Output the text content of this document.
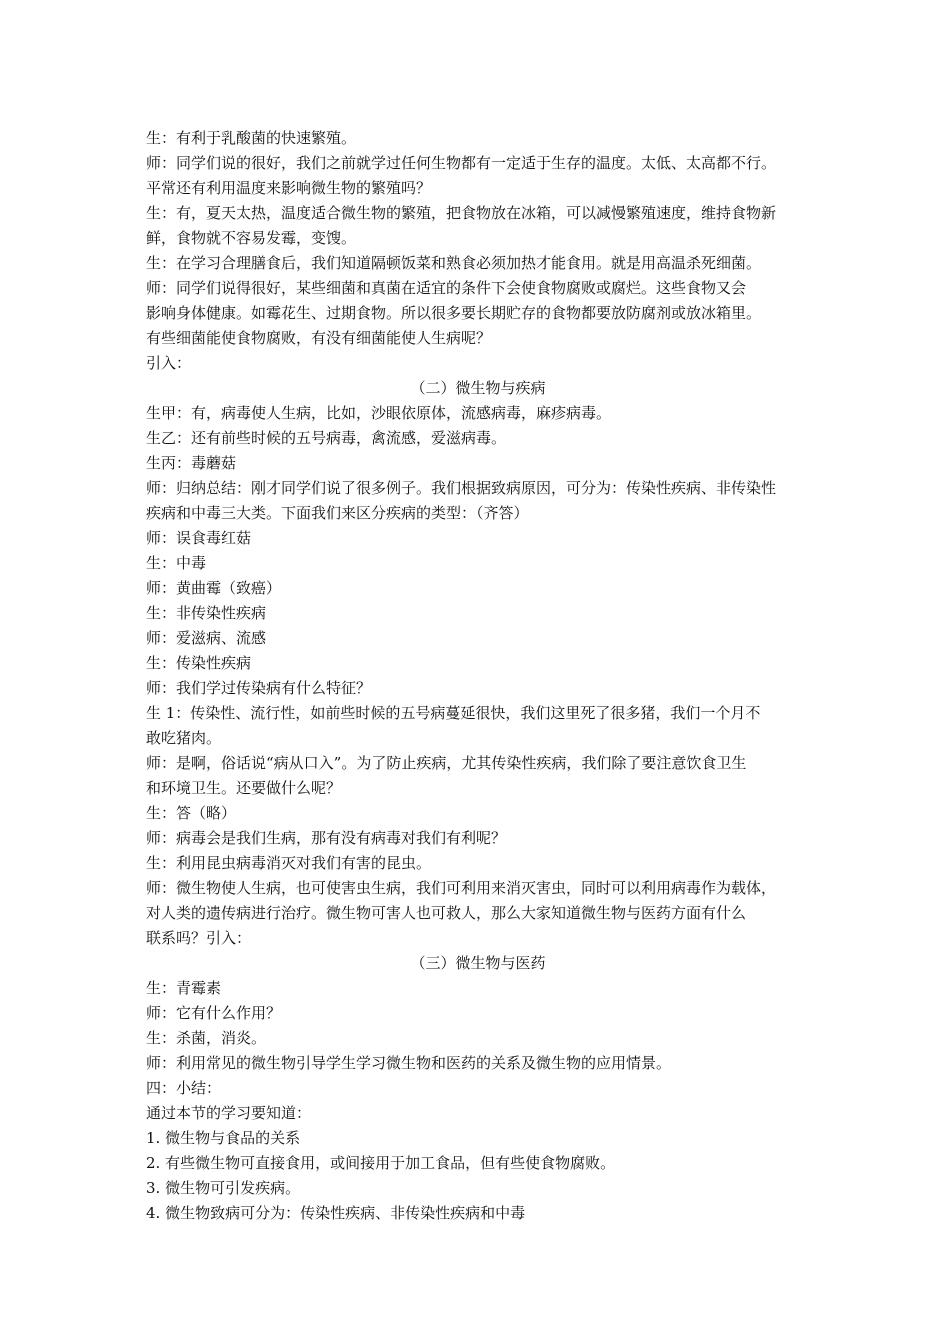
生：有利于乳酸菌的快速繁殖。
师：同学们说的很好，我们之前就学过任何生物都有一定适于生存的温度。太低、太高都不行。
平常还有利用温度来影响微生物的繁殖吗？
生：有，夏天太热，温度适合微生物的繁殖，把食物放在冰箱，可以减慢繁殖速度，维持食物新
鲜，食物就不容易发霉，变馊。
生：在学习合理膳食后，我们知道隔顿饭菜和熟食必须加热才能食用。就是用高温杀死细菌。
师：同学们说得很好，某些细菌和真菌在适宜的条件下会使食物腐败或腐烂。这些食物又会
影响身体健康。如霉花生、过期食物。所以很多要长期贮存的食物都要放防腐剂或放冰箱里。
有些细菌能使食物腐败，有没有细菌能使人生病呢？
引入：
（二）微生物与疾病
生甲：有，病毒使人生病，比如，沙眼依原体，流感病毒，麻疹病毒。
生乙：还有前些时候的五号病毒，禽流感，爱滋病毒。
生丙：毒蘑菇
师：归纳总结：刚才同学们说了很多例子。我们根据致病原因，可分为：传染性疾病、非传染性
疾病和中毒三大类。下面我们来区分疾病的类型：（齐答）
师：误食毒红菇
生：中毒
师：黄曲霉（致癌）
生：非传染性疾病
师：爱滋病、流感
生：传染性疾病
师：我们学过传染病有什么特征？
生 1：传染性、流行性，如前些时候的五号病蔓延很快，我们这里死了很多猪，我们一个月不
敢吃猪肉。
师：是啊，俗话说“病从口入”。为了防止疾病，尤其传染性疾病，我们除了要注意饮食卫生
和环境卫生。还要做什么呢？
生：答（略）
师：病毒会是我们生病，那有没有病毒对我们有利呢？
生：利用昆虫病毒消灭对我们有害的昆虫。
师：微生物使人生病，也可使害虫生病，我们可利用来消灭害虫，同时可以利用病毒作为载体，
对人类的遗传病进行治疗。微生物可害人也可救人，那么大家知道微生物与医药方面有什么
联系吗？引入：
（三）微生物与医药
生：青霉素
师：它有什么作用？
生：杀菌，消炎。
师：利用常见的微生物引导学生学习微生物和医药的关系及微生物的应用情景。
四：小结：
通过本节的学习要知道：
1. 微生物与食品的关系
2. 有些微生物可直接食用，或间接用于加工食品，但有些使食物腐败。
3. 微生物可引发疾病。
4. 微生物致病可分为：传染性疾病、非传染性疾病和中毒
